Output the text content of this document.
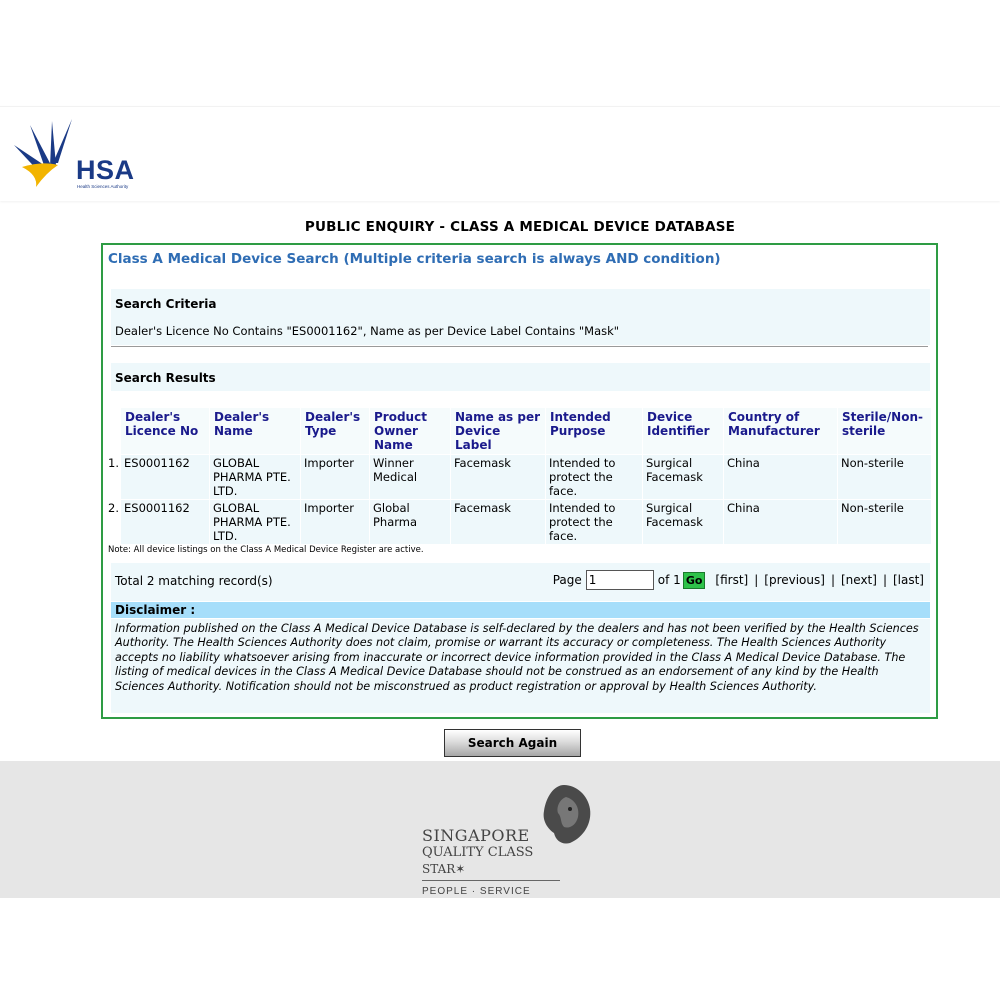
HSA
Health Sciences Authority
PUBLIC ENQUIRY - CLASS A MEDICAL DEVICE DATABASE
Class A Medical Device Search (Multiple criteria search is always AND condition)
Search Criteria
Dealer's Licence No Contains "ES0001162", Name as per Device Label Contains "Mask"
Search Results
	Dealer's Licence No	Dealer's Name	Dealer's Type	Product Owner Name	Name as per Device Label	Intended Purpose	Device Identifier	Country of Manufacturer	Sterile/Non-sterile
1.	ES0001162	GLOBAL PHARMA PTE. LTD.	Importer	Winner Medical	Facemask	Intended to protect the face.	Surgical Facemask	China	Non-sterile

2.	ES0001162	GLOBAL PHARMA PTE. LTD.	Importer	Global Pharma	Facemask	Intended to protect the face.	Surgical Facemask	China	Non-sterile
Note: All device listings on the Class A Medical Device Register are active.
Total 2 matching record(s)	Page
1	of 1 Go [first] | [previous] | [next] | [last]
Disclaimer :
Information published on the Class A Medical Device Database is self-declared by the dealers and has not been verified by the Health Sciences Authority. The Health Sciences Authority does not claim, promise or warrant its accuracy or completeness. The Health Sciences Authority accepts no liability whatsoever arising from inaccurate or incorrect device information provided in the Class A Medical Device Database. The listing of medical devices in the Class A Medical Device Database should not be construed as an endorsement of any kind by the Health Sciences Authority. Notification should not be misconstrued as product registration or approval by Health Sciences Authority.
Search Again
SINGAPORE
QUALITY CLASS
STAR✶
PEOPLE · SERVICE
